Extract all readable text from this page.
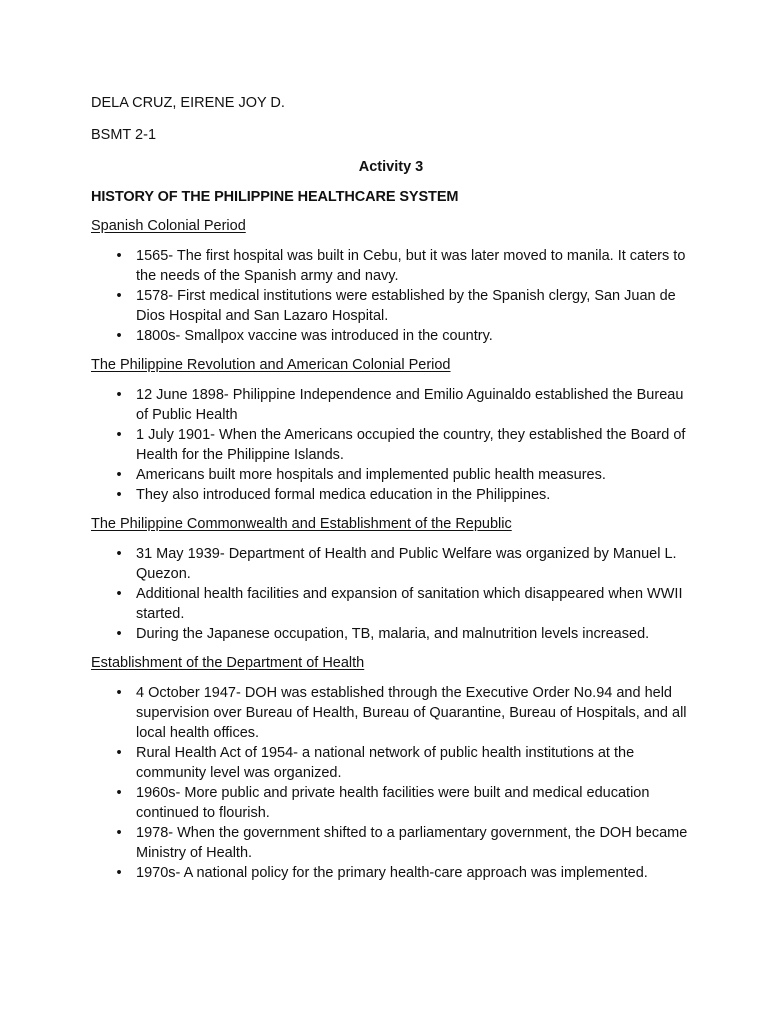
DELA CRUZ, EIRENE JOY D.

BSMT 2-1

Activity 3

HISTORY OF THE PHILIPPINE HEALTHCARE SYSTEM

Spanish Colonial Period

• 1565- The first hospital was built in Cebu, but it was later moved to manila. It caters to the needs of the Spanish army and navy.
• 1578- First medical institutions were established by the Spanish clergy, San Juan de Dios Hospital and San Lazaro Hospital.
• 1800s- Smallpox vaccine was introduced in the country.

The Philippine Revolution and American Colonial Period

• 12 June 1898- Philippine Independence and Emilio Aguinaldo established the Bureau of Public Health
• 1 July 1901- When the Americans occupied the country, they established the Board of Health for the Philippine Islands.
• Americans built more hospitals and implemented public health measures.
• They also introduced formal medica education in the Philippines.

The Philippine Commonwealth and Establishment of the Republic

• 31 May 1939- Department of Health and Public Welfare was organized by Manuel L. Quezon.
• Additional health facilities and expansion of sanitation which disappeared when WWII started.
• During the Japanese occupation, TB, malaria, and malnutrition levels increased.

Establishment of the Department of Health

• 4 October 1947- DOH was established through the Executive Order No.94 and held supervision over Bureau of Health, Bureau of Quarantine, Bureau of Hospitals, and all local health offices.
• Rural Health Act of 1954- a national network of public health institutions at the community level was organized.
• 1960s- More public and private health facilities were built and medical education continued to flourish.
• 1978- When the government shifted to a parliamentary government, the DOH became Ministry of Health.
• 1970s- A national policy for the primary health-care approach was implemented.
